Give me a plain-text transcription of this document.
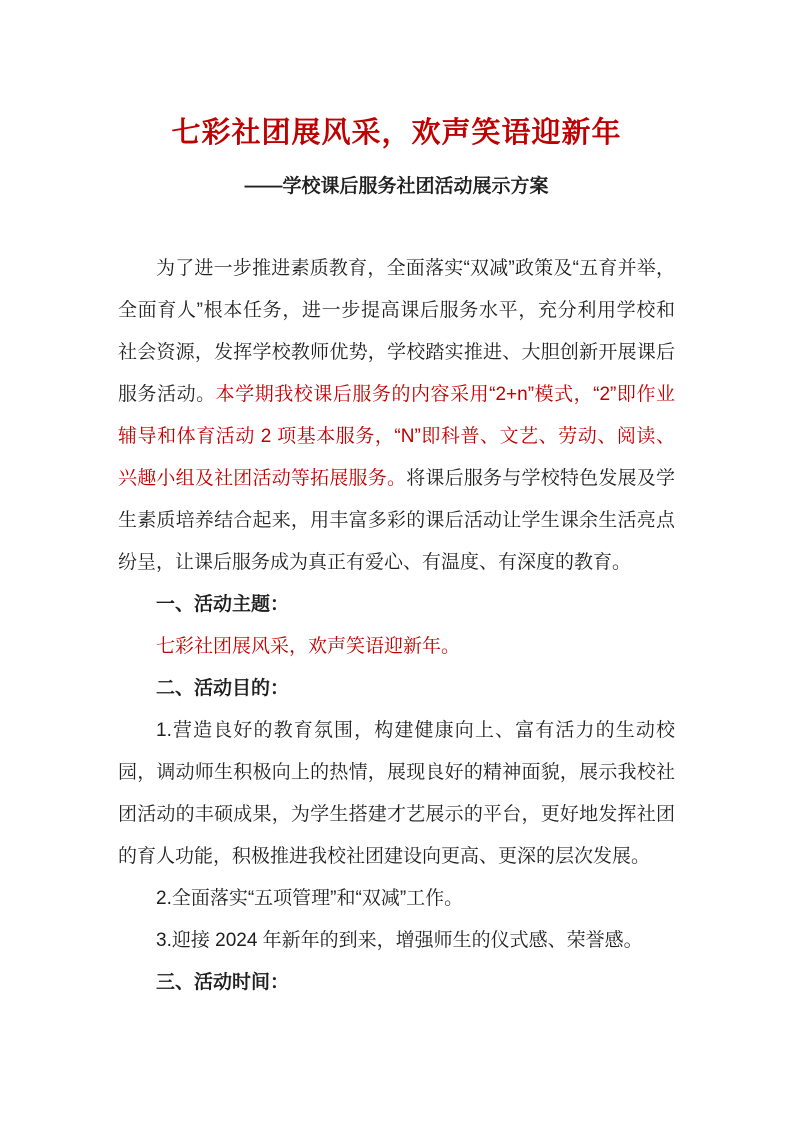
七彩社团展风采，欢声笑语迎新年
——学校课后服务社团活动展示方案

为了进一步推进素质教育，全面落实“双减”政策及“五育并举，全面育人”根本任务，进一步提高课后服务水平，充分利用学校和社会资源，发挥学校教师优势，学校踏实推进、大胆创新开展课后服务活动。本学期我校课后服务的内容采用“2+n”模式，“2”即作业辅导和体育活动 2 项基本服务，“N”即科普、文艺、劳动、阅读、兴趣小组及社团活动等拓展服务。将课后服务与学校特色发展及学生素质培养结合起来，用丰富多彩的课后活动让学生课余生活亮点纷呈，让课后服务成为真正有爱心、有温度、有深度的教育。

一、活动主题：

七彩社团展风采，欢声笑语迎新年。

二、活动目的：

1.营造良好的教育氛围，构建健康向上、富有活力的生动校园，调动师生积极向上的热情，展现良好的精神面貌，展示我校社团活动的丰硕成果，为学生搭建才艺展示的平台，更好地发挥社团的育人功能，积极推进我校社团建设向更高、更深的层次发展。

2.全面落实“五项管理”和“双减”工作。

3.迎接 2024 年新年的到来，增强师生的仪式感、荣誉感。

三、活动时间：
